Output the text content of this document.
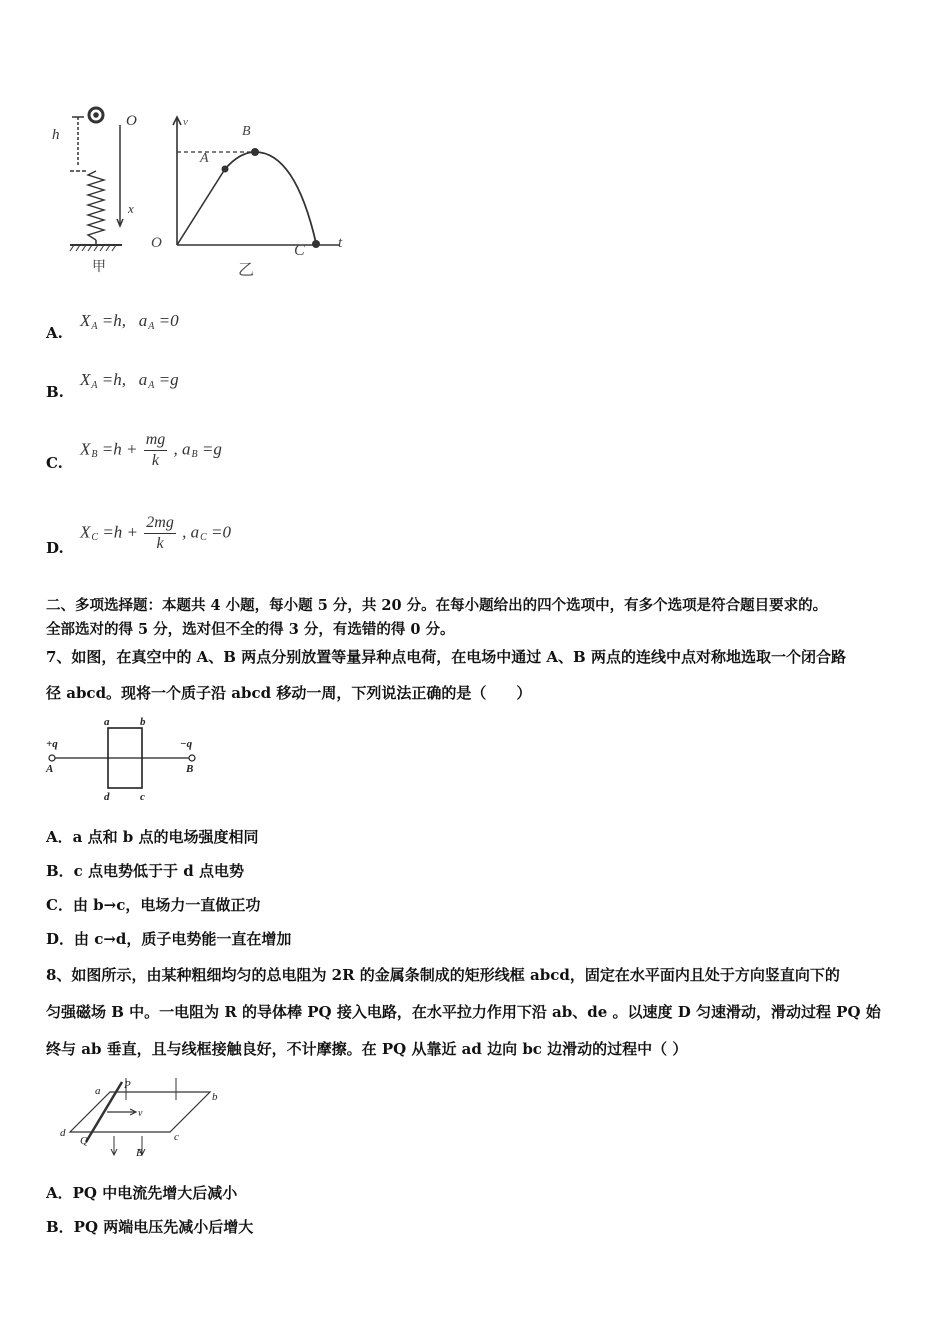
h
O
x
甲
v
A
B
C
O	t
乙
A.
$X_A =h$, $a_A =0$
B.
$X_A =h$, $a_A =g$
C.
$X_B =h + \frac{mg}{k}$ , $a_B =g$
D.
$X_C =h + \frac{2mg}{k}$ , $a_C =0$
二、多项选择题：本题共 4 小题，每小题 5 分，共 20 分。在每小题给出的四个选项中，有多个选项是符合题目要求的。
全部选对的得 5 分，选对但不全的得 3 分，有选错的得 0 分。
7、如图，在真空中的 A、B 两点分别放置等量异种点电荷，在电场中通过 A、B 两点的连线中点对称地选取一个闭合路
径 abcd。现将一个质子沿 abcd 移动一周，下列说法正确的是（　　）
+q	−q
A	B
a	b
d	c
A．a 点和 b 点的电场强度相同
B．c 点电势低于于 d 点电势
C．由 b→c，电场力一直做正功
D．由 c→d，质子电势能一直在增加
8、如图所示，由某种粗细均匀的总电阻为 2R 的金属条制成的矩形线框 abcd，固定在水平面内且处于方向竖直向下的
匀强磁场 B 中。一电阻为 R 的导体棒 PQ 接入电路，在水平拉力作用下沿 ab、de 。以速度 D 匀速滑动，滑动过程 PQ 始
终与 ab 垂直，且与线框接触良好，不计摩擦。在 PQ 从靠近 ad 边向 bc 边滑动的过程中（ ）
a	b
c
d
P
Q
v
B
A．PQ 中电流先增大后减小
B．PQ 两端电压先减小后增大
